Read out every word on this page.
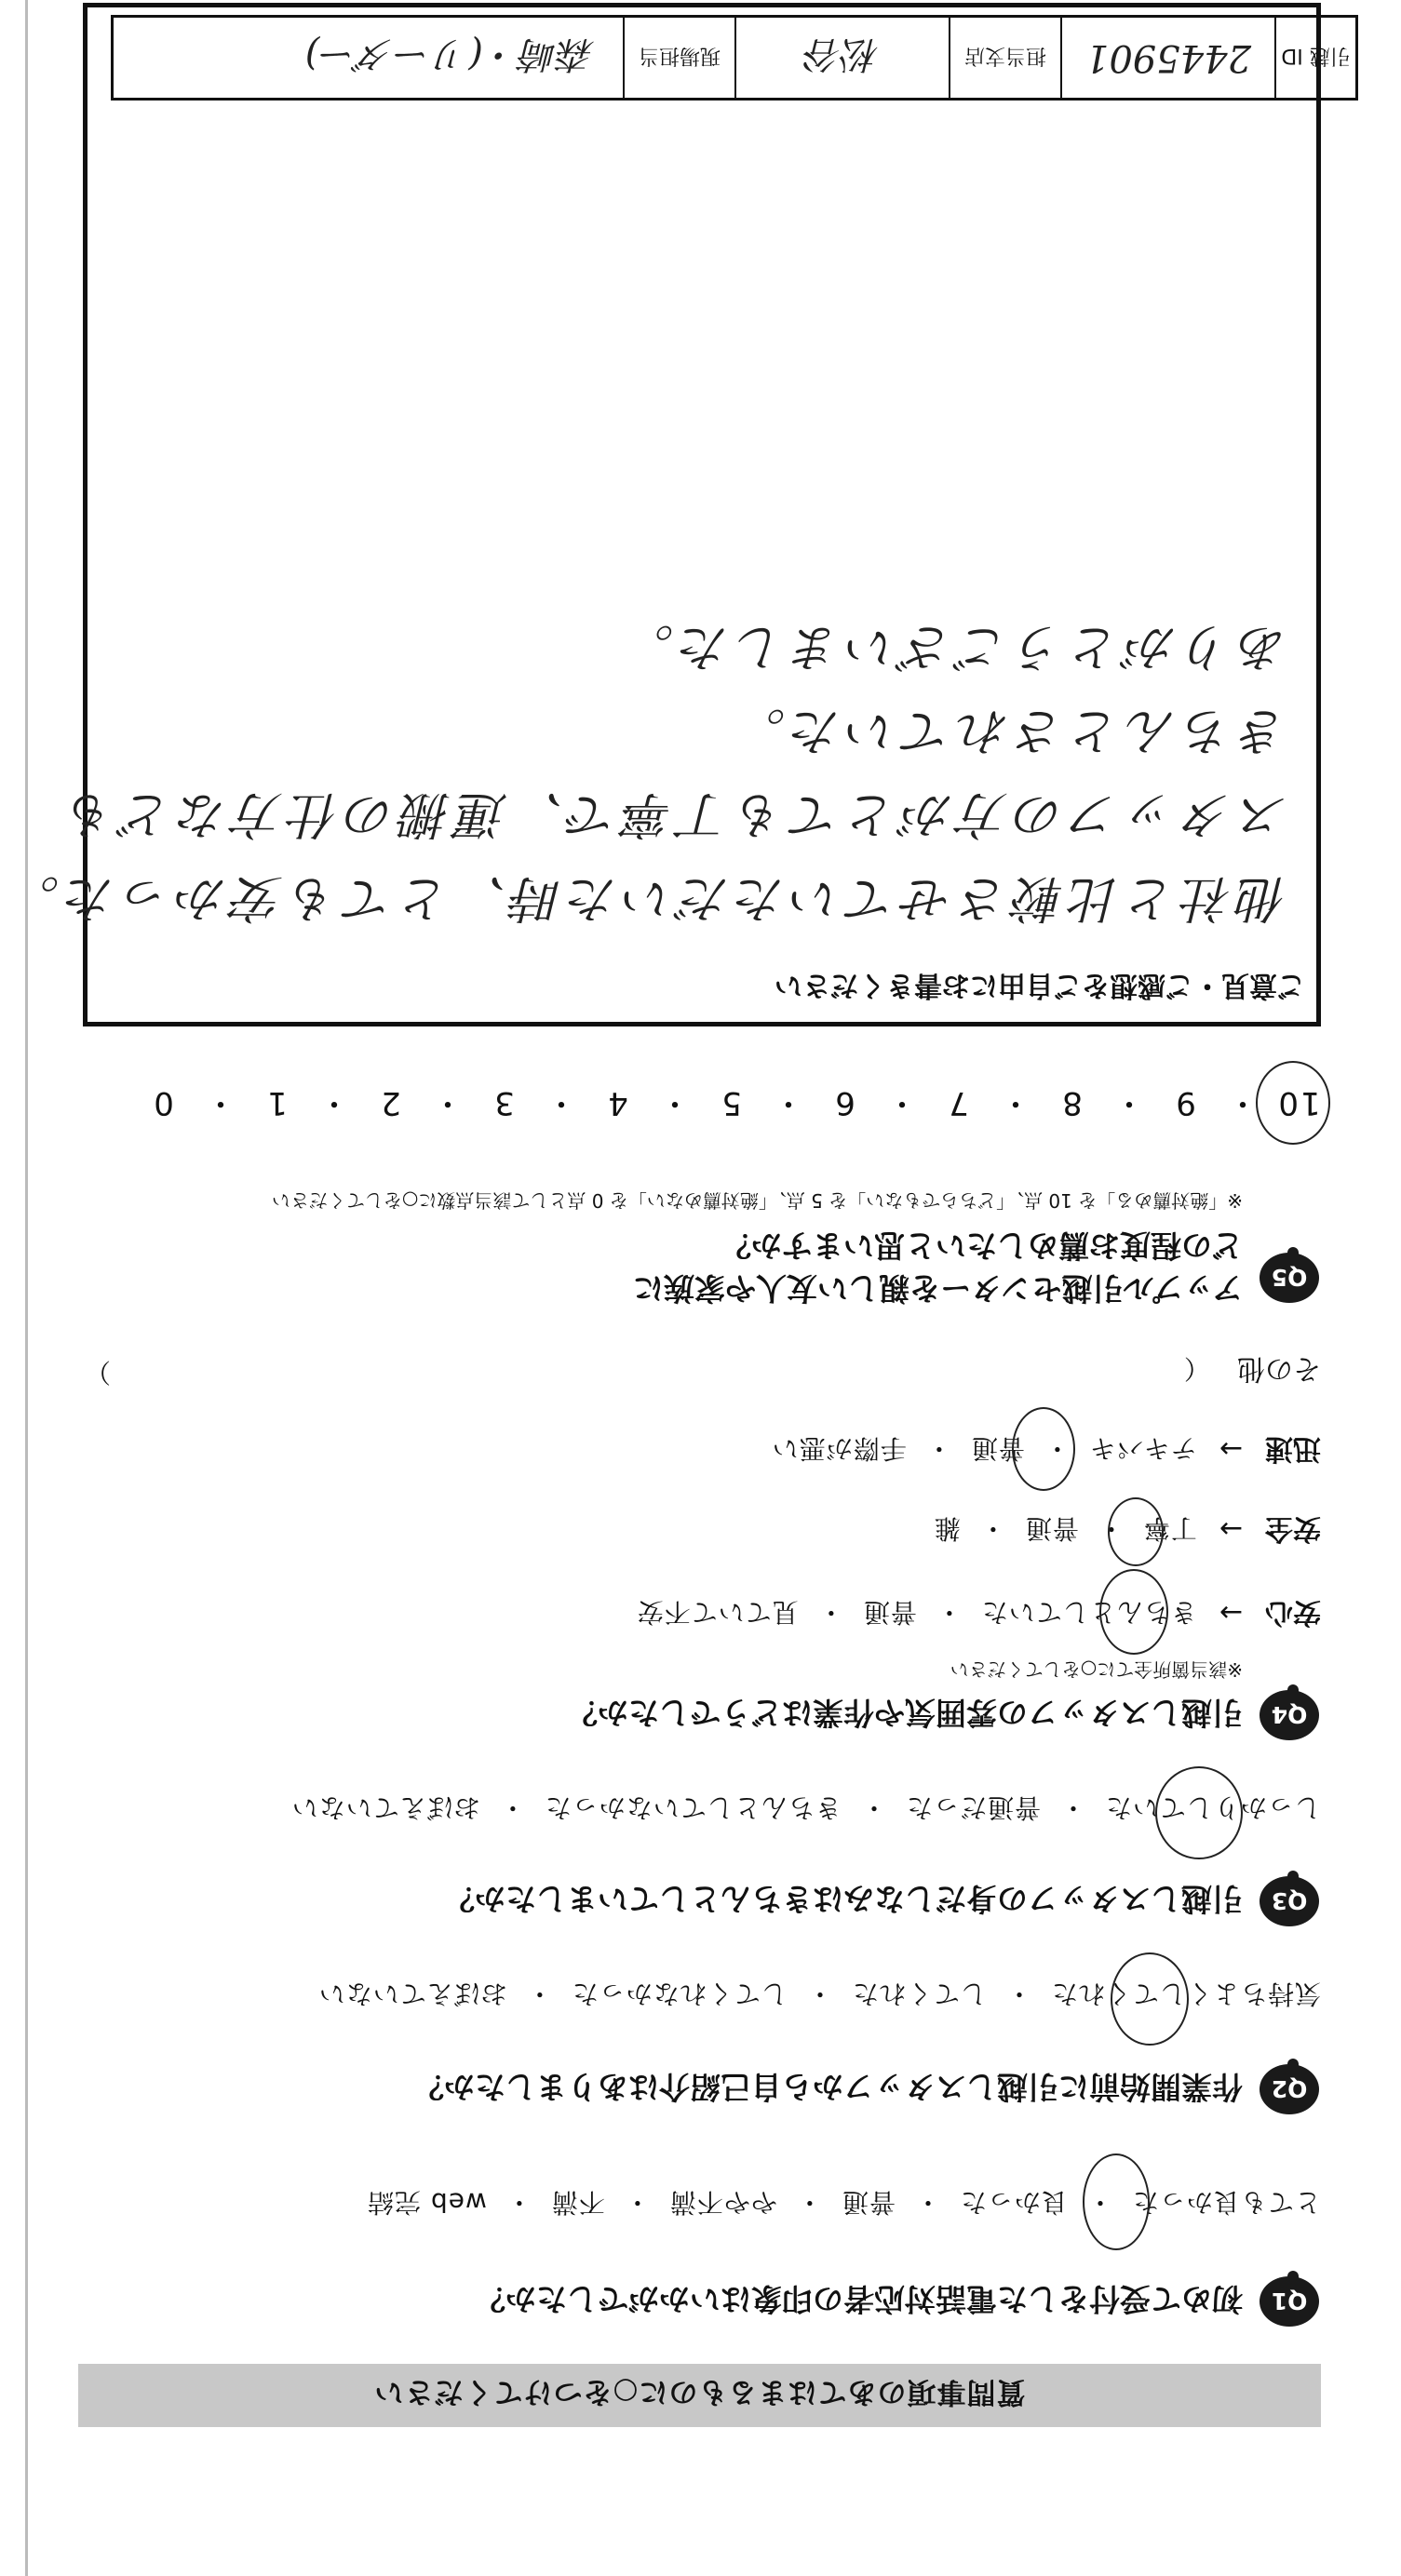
質問事項のあてはまるものに○をつけてください
Q1
初めて受付をした電話対応者の印象はいかがでしたか？
とても良かった・良かった・普通・やや不満・不満・web 完結
Q2
作業開始前に引越しスタッフから自己紹介はありましたか？
気持ちよくしてくれた・してくれた・してくれなかった・おぼえていない
Q3
引越しスタッフの身だしなみはきちんとしていましたか？
しっかりしていた・普通だった・きちんとしていなかった・おぼえていない
Q4
引越しスタッフの雰囲気や作業はどうでしたか？
※該当箇所全てに○をしてください
安心→きちんとしていた・普通・見ていて不安
安全→丁寧・普通・雑
迅速→テキパキ・普通・手際が悪い
その他 （
）
Q5
アップル引越センターを親しい友人や家族に
どの程度お薦めしたいと思いますか？
※「絶対薦める」を 10 点、「どちらでもない」を 5 点、「絶対薦めない」を 0 点として該当点数に○をしてください
10・9・8・7・6・5・4・3・2・1・0
ご意見・ご感想をご自由にお書きください
他社と比較させていただいた時、とても安かった。
スタッフの方がとても丁寧で、運搬の仕方なども
きちんとされていた。
ありがとうございました。
引越 ID
2445901
担当支店
松谷
現場担当
森崎・(リーダー)
